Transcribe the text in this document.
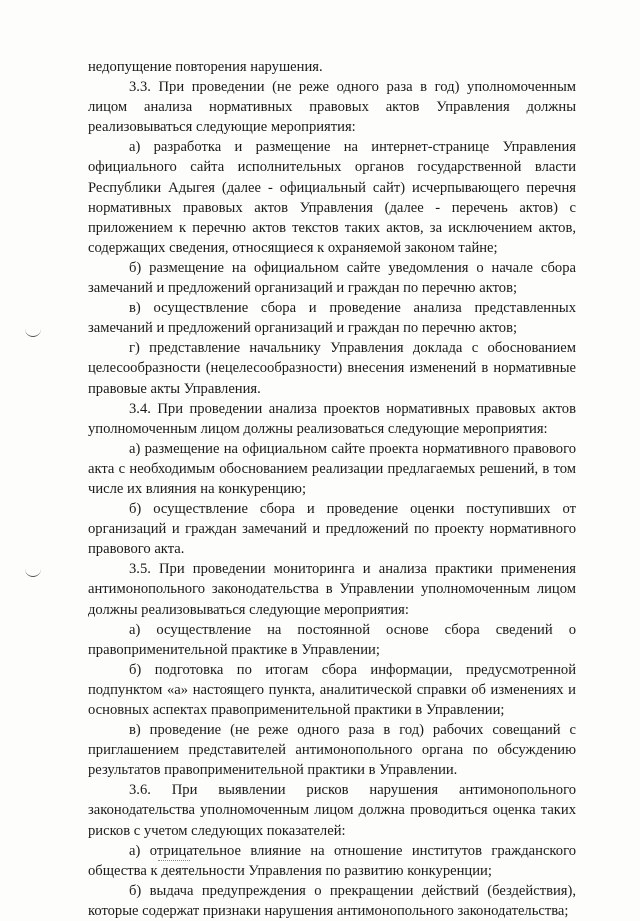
недопущение повторения нарушения.

3.3. При проведении (не реже одного раза в год) уполномоченным лицом анализа нормативных правовых актов Управления должны реализовываться следующие мероприятия:

а) разработка и размещение на интернет-странице Управления официального сайта исполнительных органов государственной власти Республики Адыгея (далее - официальный сайт) исчерпывающего перечня нормативных правовых актов Управления (далее - перечень актов) с приложением к перечню актов текстов таких актов, за исключением актов, содержащих сведения, относящиеся к охраняемой законом тайне;

б) размещение на официальном сайте уведомления о начале сбора замечаний и предложений организаций и граждан по перечню актов;

в) осуществление сбора и проведение анализа представленных замечаний и предложений организаций и граждан по перечню актов;

г) представление начальнику Управления доклада с обоснованием целесообразности (нецелесообразности) внесения изменений в нормативные правовые акты Управления.

3.4. При проведении анализа проектов нормативных правовых актов уполномоченным лицом должны реализоваться следующие мероприятия:

а) размещение на официальном сайте проекта нормативного правового акта с необходимым обоснованием реализации предлагаемых решений, в том числе их влияния на конкуренцию;

б) осуществление сбора и проведение оценки поступивших от организаций и граждан замечаний и предложений по проекту нормативного правового акта.

3.5. При проведении мониторинга и анализа практики применения антимонопольного законодательства в Управлении уполномоченным лицом должны реализовываться следующие мероприятия:

а) осуществление на постоянной основе сбора сведений о правоприменительной практике в Управлении;

б) подготовка по итогам сбора информации, предусмотренной подпунктом «а» настоящего пункта, аналитической справки об изменениях и основных аспектах правоприменительной практики в Управлении;

в) проведение (не реже одного раза в год) рабочих совещаний с приглашением представителей антимонопольного органа по обсуждению результатов правоприменительной практики в Управлении.

3.6. При выявлении рисков нарушения антимонопольного законодательства уполномоченным лицом должна проводиться оценка таких рисков с учетом следующих показателей:

а) отрицательное влияние на отношение институтов гражданского общества к деятельности Управления по развитию конкуренции;

б) выдача предупреждения о прекращении действий (бездействия), которые содержат признаки нарушения антимонопольного законодательства;
